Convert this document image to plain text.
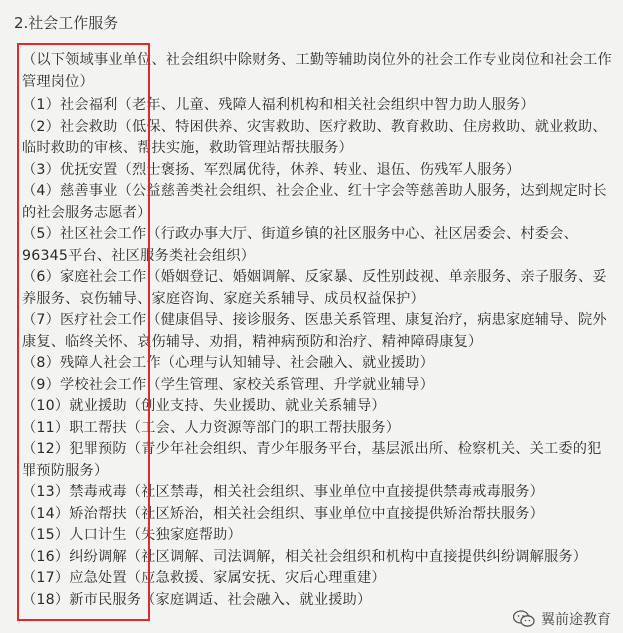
2.社会工作服务

（以下领域事业单位、社会组织中除财务、工勤等辅助岗位外的社会工作专业岗位和社会工作管理岗位）

（1）社会福利（老年、儿童、残障人福利机构和相关社会组织中智力助人服务）

（2）社会救助（低保、特困供养、灾害救助、医疗救助、教育救助、住房救助、就业救助、临时救助的审核、帮扶实施，救助管理站帮扶服务）

（3）优抚安置（烈士褒扬、军烈属优待，休养、转业、退伍、伤残军人服务）

（4）慈善事业（公益慈善类社会组织、社会企业、红十字会等慈善助人服务，达到规定时长的社会服务志愿者）

（5）社区社会工作（行政办事大厅、街道乡镇的社区服务中心、社区居委会、村委会、96345平台、社区服务类社会组织）

（6）家庭社会工作（婚姻登记、婚姻调解、反家暴、反性别歧视、单亲服务、亲子服务、妥养服务、哀伤辅导、家庭咨询、家庭关系辅导、成员权益保护）

（7）医疗社会工作（健康倡导、接诊服务、医患关系管理、康复治疗，病患家庭辅导、院外康复、临终关怀、哀伤辅导、劝捐，精神病预防和治疗、精神障碍康复）

（8）残障人社会工作（心理与认知辅导、社会融入、就业援助）

（9）学校社会工作（学生管理、家校关系管理、升学就业辅导）

（10）就业援助（创业支持、失业援助、就业关系辅导）

（11）职工帮扶（工会、人力资源等部门的职工帮扶服务）

（12）犯罪预防（青少年社会组织、青少年服务平台，基层派出所、检察机关、关工委的犯罪预防服务）

（13）禁毒戒毒（社区禁毒，相关社会组织、事业单位中直接提供禁毒戒毒服务）

（14）矫治帮扶（社区矫治，相关社会组织、事业单位中直接提供矫治帮扶服务）

（15）人口计生（失独家庭帮助）

（16）纠纷调解（社区调解、司法调解，相关社会组织和机构中直接提供纠纷调解服务）

（17）应急处置（应急救援、家属安抚、灾后心理重建）

（18）新市民服务（家庭调适、社会融入、就业援助）

翼前途教育
